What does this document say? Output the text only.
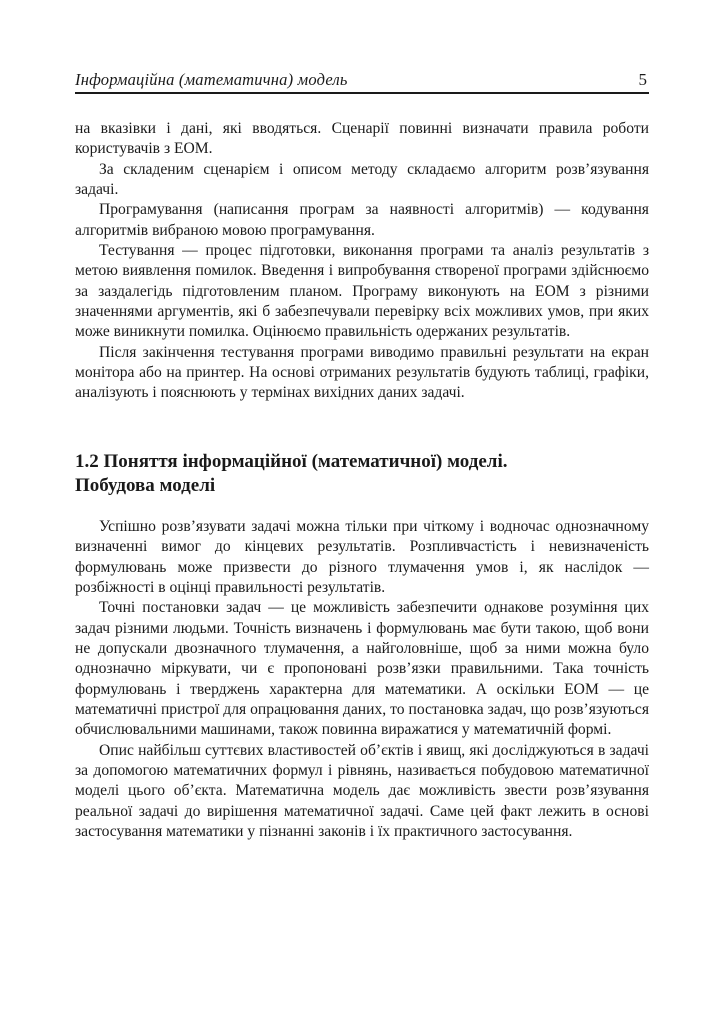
Інформаційна (математична) модель	5

на вказівки і дані, які вводяться. Сценарії повинні визначати правила роботи користувачів з ЕОМ.

За складеним сценарієм і описом методу складаємо алгоритм розв’язування задачі.

Програмування (написання програм за наявності алгоритмів) — кодування алгоритмів вибраною мовою програмування.

Тестування — процес підготовки, виконання програми та аналіз результатів з метою виявлення помилок. Введення і випробування створеної програми здійснюємо за заздалегідь підготовленим планом. Програму виконують на ЕОМ з різними значеннями аргументів, які б забезпечували перевірку всіх можливих умов, при яких може виникнути помилка. Оцінюємо правильність одержаних результатів.

Після закінчення тестування програми виводимо правильні результати на екран монітора або на принтер. На основі отриманих результатів будують таблиці, графіки, аналізують і пояснюють у термінах вихідних даних задачі.

1.2 Поняття інформаційної (математичної) моделі.
Побудова моделі

Успішно розв’язувати задачі можна тільки при чіткому і водночас однозначному визначенні вимог до кінцевих результатів. Розпливчастість і невизначеність формулювань може призвести до різного тлумачення умов і, як наслідок — розбіжності в оцінці правильності результатів.

Точні постановки задач — це можливість забезпечити однакове розуміння цих задач різними людьми. Точність визначень і формулювань має бути такою, щоб вони не допускали двозначного тлумачення, а найголовніше, щоб за ними можна було однозначно міркувати, чи є пропоновані розв’язки правильними. Така точність формулювань і тверджень характерна для математики. А оскільки ЕОМ — це математичні пристрої для опрацювання даних, то постановка задач, що розв’язуються обчислювальними машинами, також повинна виражатися у математичній формі.

Опис найбільш суттєвих властивостей об’єктів і явищ, які досліджуються в задачі за допомогою математичних формул і рівнянь, називається побудовою математичної моделі цього об’єкта. Математична модель дає можливість звести розв’язування реальної задачі до вирішення математичної задачі. Саме цей факт лежить в основі застосування математики у пізнанні законів і їх практичного застосування.
